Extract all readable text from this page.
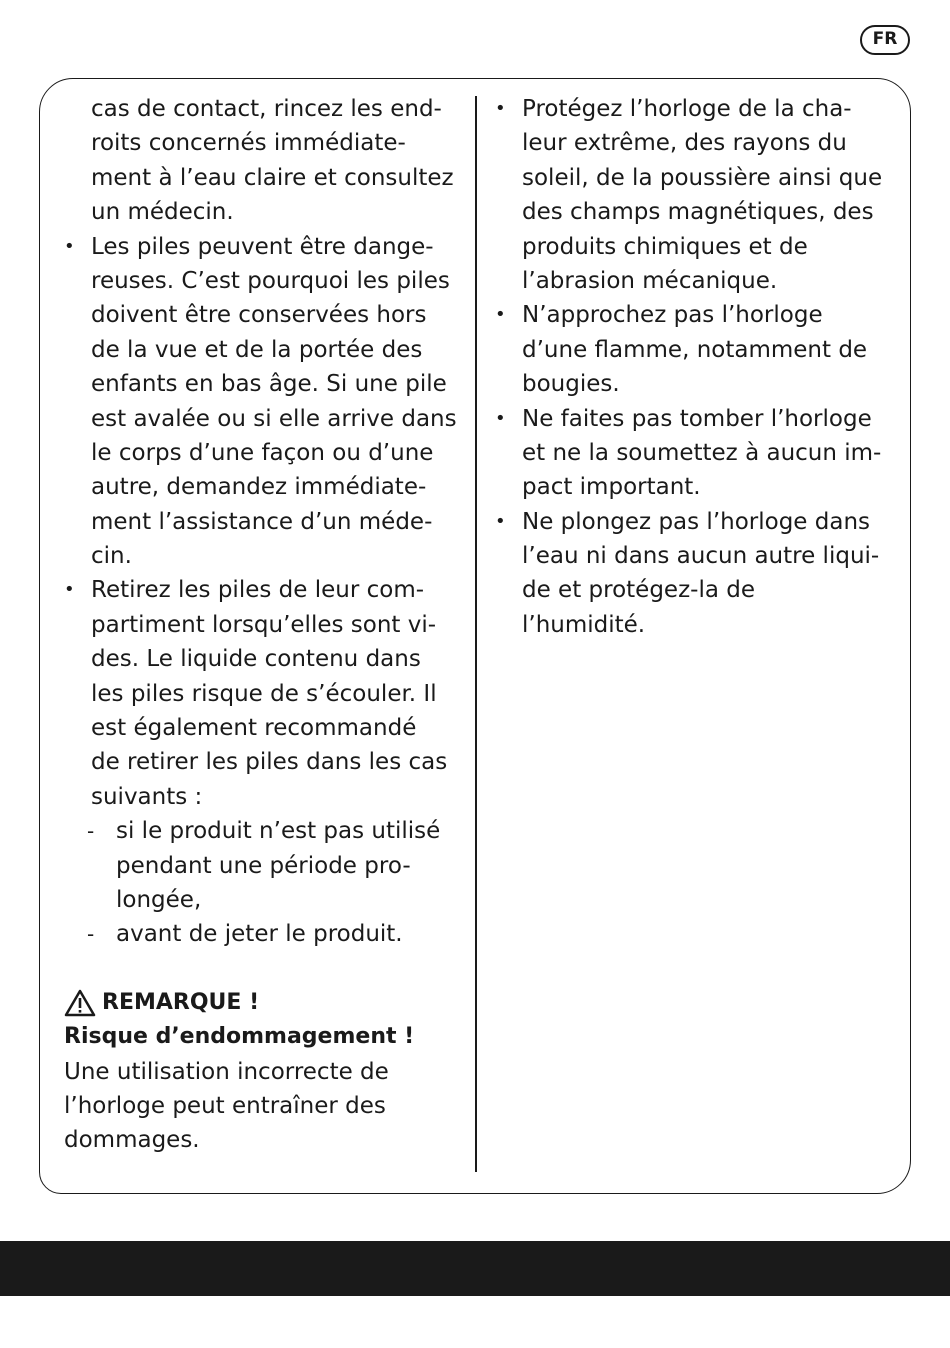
FR
cas de contact, rincez les end-
roits concernés immédiate-
ment à l’eau claire et consultez
un médecin.
• Les piles peuvent être dange-
reuses. C’est pourquoi les piles
doivent être conservées hors
de la vue et de la portée des
enfants en bas âge. Si une pile
est avalée ou si elle arrive dans
le corps d’une façon ou d’une
autre, demandez immédiate-
ment l’assistance d’un méde-
cin.
• Retirez les piles de leur com-
partiment lorsqu’elles sont vi-
des. Le liquide contenu dans
les piles risque de s’écouler. Il
est également recommandé
de retirer les piles dans les cas
suivants :
- si le produit n’est pas utilisé
pendant une période pro-
longée,
- avant de jeter le produit.
REMARQUE !
Risque d’endommagement !
Une utilisation incorrecte de
l’horloge peut entraîner des
dommages.
• Protégez l’horloge de la cha-
leur extrême, des rayons du
soleil, de la poussière ainsi que
des champs magnétiques, des
produits chimiques et de
l’abrasion mécanique.
• N’approchez pas l’horloge
d’une flamme, notamment de
bougies.
• Ne faites pas tomber l’horloge
et ne la soumettez à aucun im-
pact important.
• Ne plongez pas l’horloge dans
l’eau ni dans aucun autre liqui-
de et protégez-la de
l’humidité.
